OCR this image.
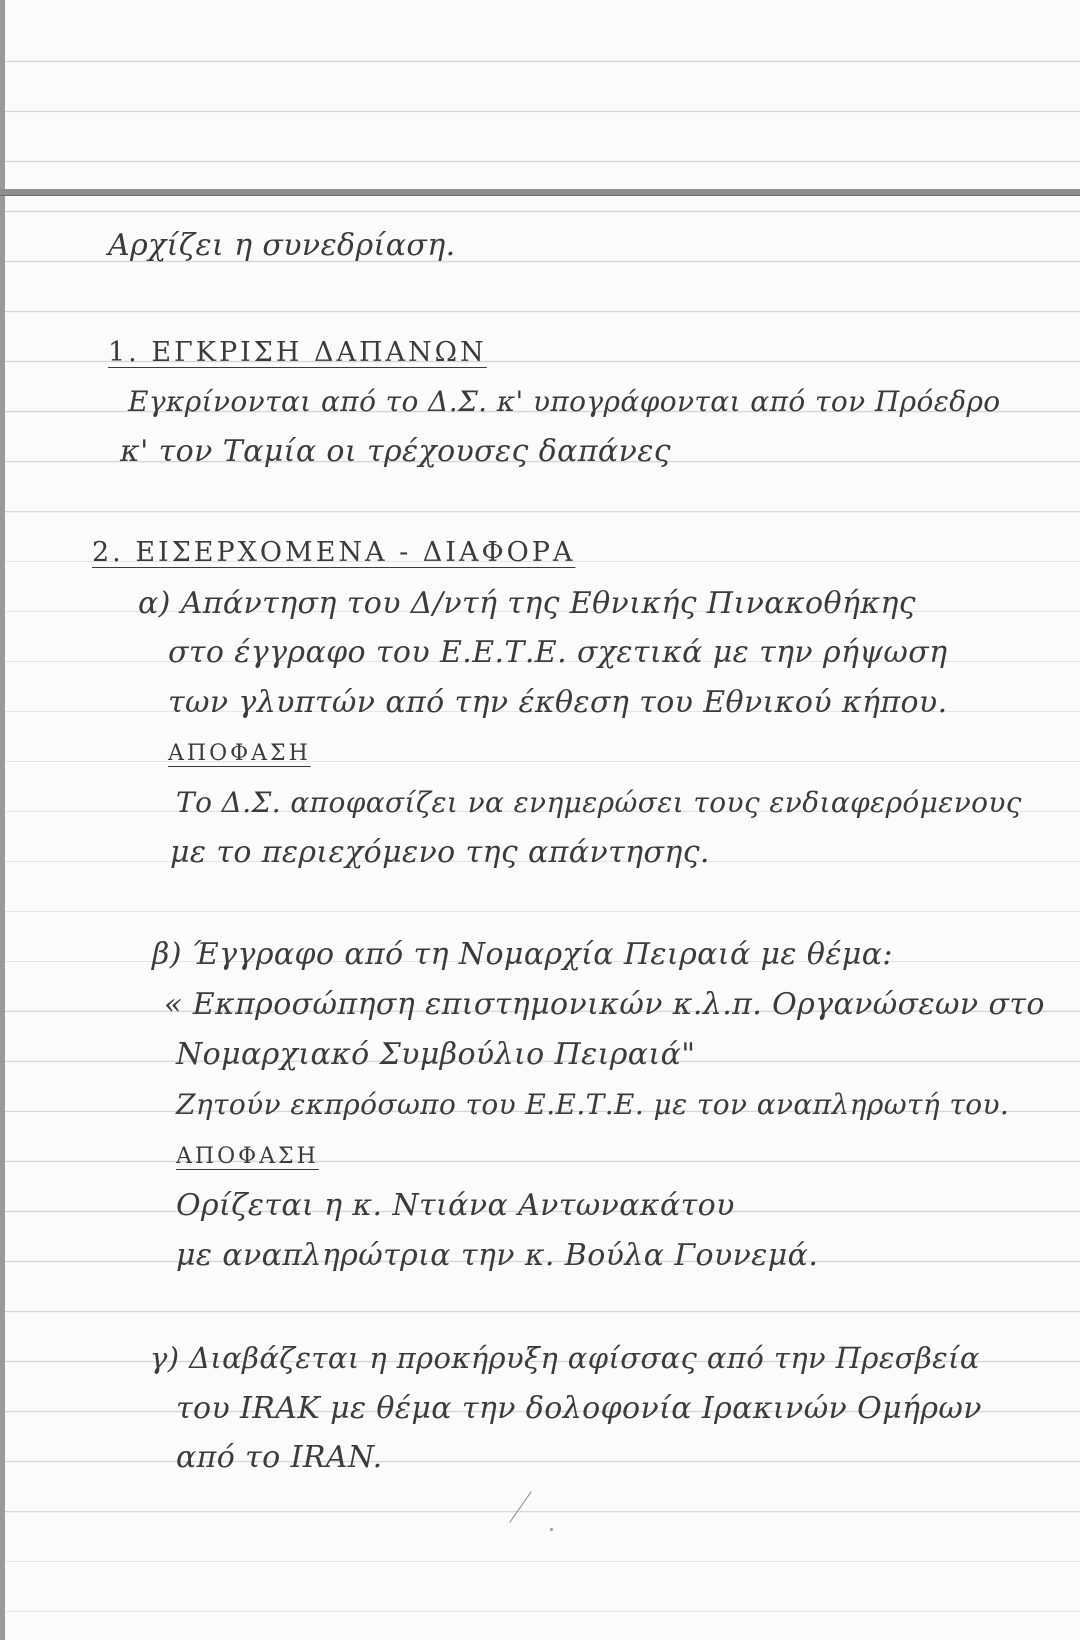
Αρχίζει η συνεδρίαση.

1. ΕΓΚΡΙΣΗ ΔΑΠΑΝΩΝ

Εγκρίνονται από το Δ.Σ. κ' υπογράφονται από τον Πρόεδρο

κ' τον Ταμία οι τρέχουσες δαπάνες

2. ΕΙΣΕΡΧΟΜΕΝΑ - ΔΙΑΦΟΡΑ

α) Απάντηση του Δ/ντή της Εθνικής Πινακοθήκης

στο έγγραφο του Ε.Ε.Τ.Ε. σχετικά με την ρήψωση

των γλυπτών από την έκθεση του Εθνικού κήπου.

ΑΠΟΦΑΣΗ

Το Δ.Σ. αποφασίζει να ενημερώσει τους ενδιαφερόμενους

με το περιεχόμενο της απάντησης.

β) Έγγραφο από τη Νομαρχία Πειραιά με θέμα:

« Εκπροσώπηση επιστημονικών κ.λ.π. Οργανώσεων στο

Νομαρχιακό Συμβούλιο Πειραιά"

Ζητούν εκπρόσωπο του Ε.Ε.Τ.Ε. με τον αναπληρωτή του.

ΑΠΟΦΑΣΗ

Ορίζεται η κ. Ντιάνα Αντωνακάτου

με αναπληρώτρια την κ. Βούλα Γουνεμά.

γ) Διαβάζεται η προκήρυξη αφίσσας από την Πρεσβεία

του IRAK με θέμα την δολοφονία Ιρακινών Ομήρων

από το IRAN.
